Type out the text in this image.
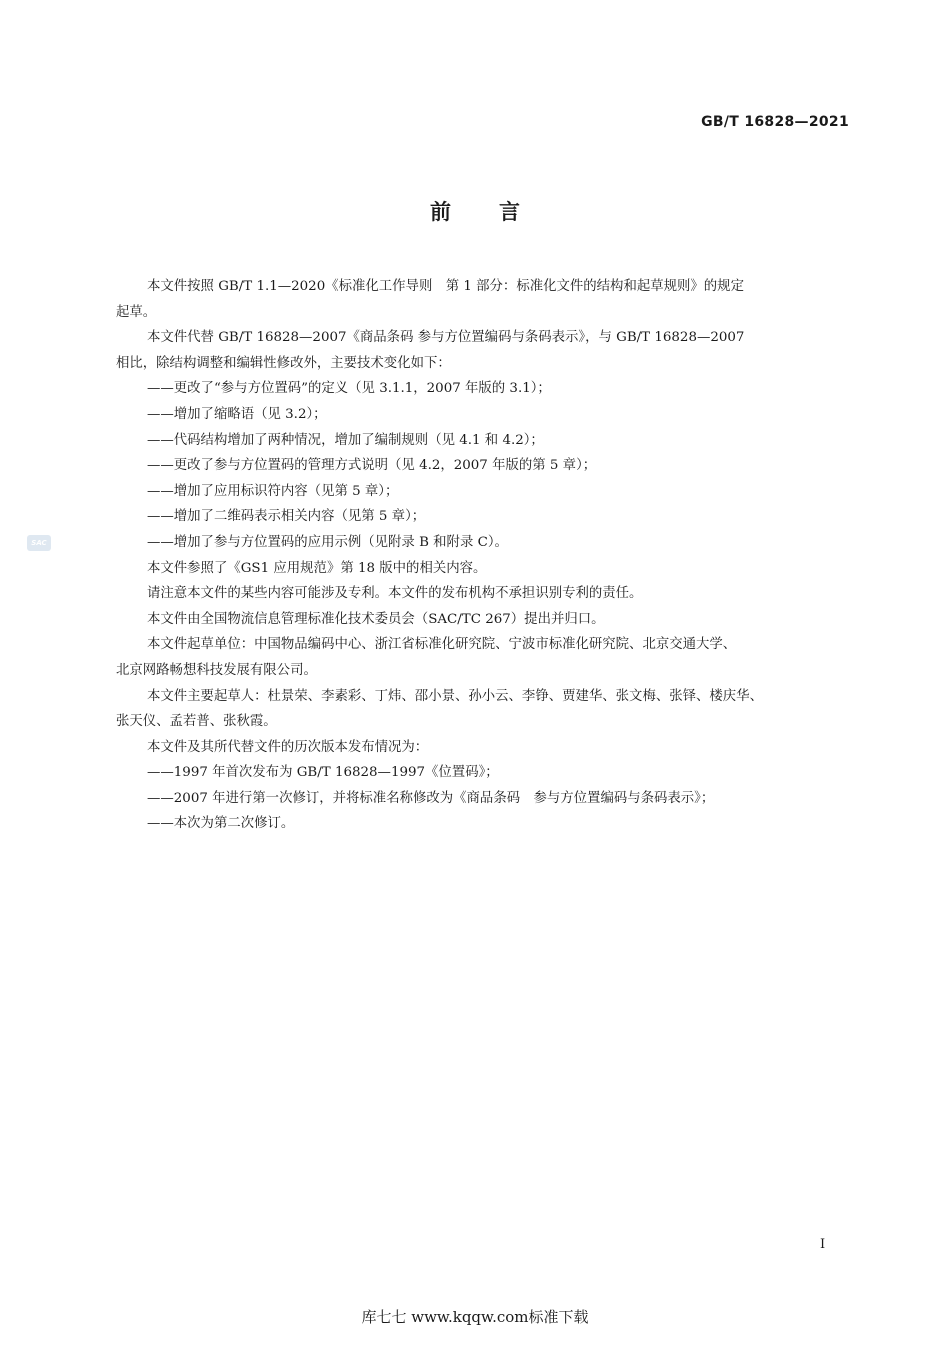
GB/T 16828—2021
前言
SAC

本文件按照 GB/T 1.1—2020《标准化工作导则　第 1 部分：标准化文件的结构和起草规则》的规定

起草。

本文件代替 GB/T 16828—2007《商品条码 参与方位置编码与条码表示》，与 GB/T 16828—2007

相比，除结构调整和编辑性修改外，主要技术变化如下：

——更改了“参与方位置码”的定义（见 3.1.1，2007 年版的 3.1）；

——增加了缩略语（见 3.2）；

——代码结构增加了两种情况，增加了编制规则（见 4.1 和 4.2）；

——更改了参与方位置码的管理方式说明（见 4.2，2007 年版的第 5 章）；

——增加了应用标识符内容（见第 5 章）；

——增加了二维码表示相关内容（见第 5 章）；

——增加了参与方位置码的应用示例（见附录 B 和附录 C）。

本文件参照了《GS1 应用规范》第 18 版中的相关内容。

请注意本文件的某些内容可能涉及专利。本文件的发布机构不承担识别专利的责任。

本文件由全国物流信息管理标准化技术委员会（SAC/TC 267）提出并归口。

本文件起草单位：中国物品编码中心、浙江省标准化研究院、宁波市标准化研究院、北京交通大学、

北京网路畅想科技发展有限公司。

本文件主要起草人：杜景荣、李素彩、丁炜、邵小景、孙小云、李铮、贾建华、张文梅、张铎、楼庆华、

张天仪、孟若普、张秋霞。

本文件及其所代替文件的历次版本发布情况为：

——1997 年首次发布为 GB/T 16828—1997《位置码》；

——2007 年进行第一次修订，并将标准名称修改为《商品条码　参与方位置编码与条码表示》；

——本次为第二次修订。

I
库七七 www.kqqw.com标准下载
